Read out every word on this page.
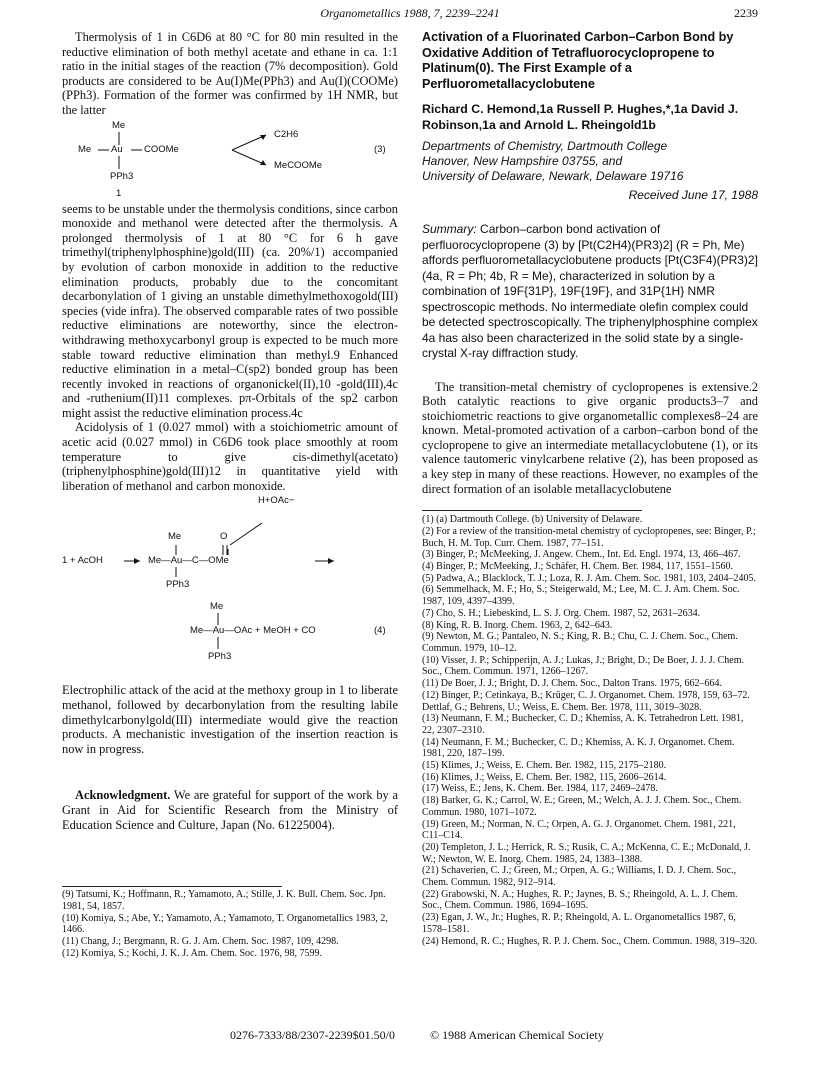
Organometallics 1988, 7, 2239–2241	2239

Thermolysis of 1 in C6D6 at 80 °C for 80 min resulted in the reductive elimination of both methyl acetate and ethane in ca. 1:1 ratio in the initial stages of the reaction (7% decomposition). Gold products are considered to be Au(I)Me(PPh3) and Au(I)(COOMe)(PPh3). Formation of the former was confirmed by 1H NMR, but the latter

Me
Me Au COOMe
PPh3
1
C2H6
MeCOOMe
(3)

seems to be unstable under the thermolysis conditions, since carbon monoxide and methanol were detected after the thermolysis. A prolonged thermolysis of 1 at 80 °C for 6 h gave trimethyl(triphenylphosphine)gold(III) (ca. 20%/1) accompanied by evolution of carbon monoxide in addition to the reductive elimination products, probably due to the concomitant decarbonylation of 1 giving an unstable dimethylmethoxogold(III) species (vide infra). The observed comparable rates of two possible reductive eliminations are noteworthy, since the electron-withdrawing methoxycarbonyl group is expected to be much more stable toward reductive elimination than methyl.9 Enhanced reductive elimination in a metal–C(sp2) bonded group has been recently invoked in reactions of organonickel(II),10 -gold(III),4c and -ruthenium(II)11 complexes. pπ-Orbitals of the sp2 carbon might assist the reductive elimination process.4c

Acidolysis of 1 (0.027 mmol) with a stoichiometric amount of acetic acid (0.027 mmol) in C6D6 took place smoothly at room temperature to give cis-dimethyl(acetato)(triphenylphosphine)gold(III)12 in quantitative yield with liberation of methanol and carbon monoxide.

H+OAc−
Me	O
1 + AcOH	Me—Au—C—OMe
PPh3
Me
Me—Au—OAc + MeOH + CO
PPh3
(4)

Electrophilic attack of the acid at the methoxy group in 1 to liberate methanol, followed by decarbonylation from the resulting labile dimethylcarbonylgold(III) intermediate would give the reaction products. A mechanistic investigation of the insertion reaction is now in progress.

Acknowledgment. We are grateful for support of the work by a Grant in Aid for Scientific Research from the Ministry of Education Science and Culture, Japan (No. 61225004).

(9) Tatsumi, K.; Hoffmann, R.; Yamamoto, A.; Stille, J. K. Bull. Chem. Soc. Jpn. 1981, 54, 1857.

(10) Komiya, S.; Abe, Y.; Yamamoto, A.; Yamamoto, T. Organometallics 1983, 2, 1466.

(11) Chang, J.; Bergmann, R. G. J. Am. Chem. Soc. 1987, 109, 4298.

(12) Komiya, S.; Kochi, J. K. J. Am. Chem. Soc. 1976, 98, 7599.

Activation of a Fluorinated Carbon–Carbon Bond by Oxidative Addition of Tetrafluorocyclopropene to Platinum(0). The First Example of a Perfluorometallacyclobutene

Richard C. Hemond,1a Russell P. Hughes,*,1a David J. Robinson,1a and Arnold L. Rheingold1b

Departments of Chemistry, Dartmouth College
Hanover, New Hampshire 03755, and
University of Delaware, Newark, Delaware 19716

Received June 17, 1988

Summary: Carbon–carbon bond activation of perfluorocyclopropene (3) by [Pt(C2H4)(PR3)2] (R = Ph, Me) affords perfluorometallacyclobutene products [Pt(C3F4)(PR3)2] (4a, R = Ph; 4b, R = Me), characterized in solution by a combination of 19F{31P}, 19F{19F}, and 31P{1H} NMR spectroscopic methods. No intermediate olefin complex could be detected spectroscopically. The triphenylphosphine complex 4a has also been characterized in the solid state by a single-crystal X-ray diffraction study.

The transition-metal chemistry of cyclopropenes is extensive.2 Both catalytic reactions to give organic products3–7 and stoichiometric reactions to give organometallic complexes8–24 are known. Metal-promoted activation of a carbon–carbon bond of the cyclopropene to give an intermediate metallacyclobutene (1), or its valence tautomeric vinylcarbene relative (2), has been proposed as a key step in many of these reactions. However, no examples of the direct formation of an isolable metallacyclobutene

(1) (a) Dartmouth College. (b) University of Delaware.

(2) For a review of the transition-metal chemistry of cyclopropenes, see: Binger, P.; Buch, H. M. Top. Curr. Chem. 1987, 77–151.

(3) Binger, P.; McMeeking, J. Angew. Chem., Int. Ed. Engl. 1974, 13, 466–467.

(4) Binger, P.; McMeeking, J.; Schäfer, H. Chem. Ber. 1984, 117, 1551–1560.

(5) Padwa, A.; Blacklock, T. J.; Loza, R. J. Am. Chem. Soc. 1981, 103, 2404–2405.

(6) Semmelhack, M. F.; Ho, S.; Steigerwald, M.; Lee, M. C. J. Am. Chem. Soc. 1987, 109, 4397–4399.

(7) Cho, S. H.; Liebeskind, L. S. J. Org. Chem. 1987, 52, 2631–2634.

(8) King, R. B. Inorg. Chem. 1963, 2, 642–643.

(9) Newton, M. G.; Pantaleo, N. S.; King, R. B.; Chu, C. J. Chem. Soc., Chem. Commun. 1979, 10–12.

(10) Visser, J. P.; Schipperijn, A. J.; Lukas, J.; Bright, D.; De Boer, J. J. J. Chem. Soc., Chem. Commun. 1971, 1266–1267.

(11) De Boer, J. J.; Bright, D. J. Chem. Soc., Dalton Trans. 1975, 662–664.

(12) Binger, P.; Cetinkaya, B.; Krüger, C. J. Organomet. Chem. 1978, 159, 63–72. Dettlaf, G.; Behrens, U.; Weiss, E. Chem. Ber. 1978, 111, 3019–3028.

(13) Neumann, F. M.; Buchecker, C. D.; Khemiss, A. K. Tetrahedron Lett. 1981, 22, 2307–2310.

(14) Neumann, F. M.; Buchecker, C. D.; Khemiss, A. K. J. Organomet. Chem. 1981, 220, 187–199.

(15) Klimes, J.; Weiss, E. Chem. Ber. 1982, 115, 2175–2180.

(16) Klimes, J.; Weiss, E. Chem. Ber. 1982, 115, 2606–2614.

(17) Weiss, E.; Jens, K. Chem. Ber. 1984, 117, 2469–2478.

(18) Barker, G. K.; Carrol, W. E.; Green, M.; Welch, A. J. J. Chem. Soc., Chem. Commun. 1980, 1071–1072.

(19) Green, M.; Norman, N. C.; Orpen, A. G. J. Organomet. Chem. 1981, 221, C11–C14.

(20) Templeton, J. L.; Herrick, R. S.; Rusik, C. A.; McKenna, C. E.; McDonald, J. W.; Newton, W. E. Inorg. Chem. 1985, 24, 1383–1388.

(21) Schaverien, C. J.; Green, M.; Orpen, A. G.; Williams, I. D. J. Chem. Soc., Chem. Commun. 1982, 912–914.

(22) Grabowski, N. A.; Hughes, R. P.; Jaynes, B. S.; Rheingold, A. L. J. Chem. Soc., Chem. Commun. 1986, 1694–1695.

(23) Egan, J. W., Jr.; Hughes, R. P.; Rheingold, A. L. Organometallics 1987, 6, 1578–1581.

(24) Hemond, R. C.; Hughes, R. P. J. Chem. Soc., Chem. Commun. 1988, 319–320.

0276-7333/88/2307-2239$01.50/0	© 1988 American Chemical Society
